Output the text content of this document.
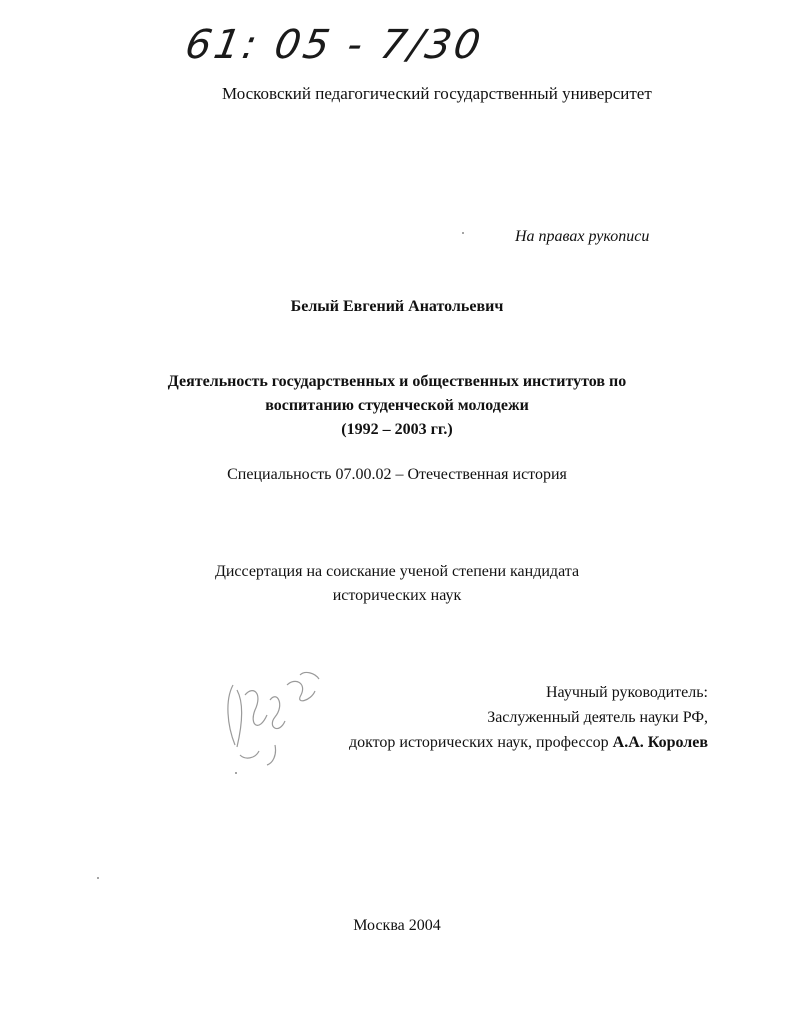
61: 05 - 7/30
Московский педагогический государственный университет
На правах рукописи
Белый Евгений Анатольевич
Деятельность государственных и общественных институтов по
воспитанию студенческой молодежи
(1992 – 2003 гг.)
Специальность 07.00.02 – Отечественная история
Диссертация на соискание ученой степени кандидата
исторических наук
Научный руководитель:
Заслуженный деятель науки РФ,
доктор исторических наук, профессор А.А. Королев
Москва 2004
